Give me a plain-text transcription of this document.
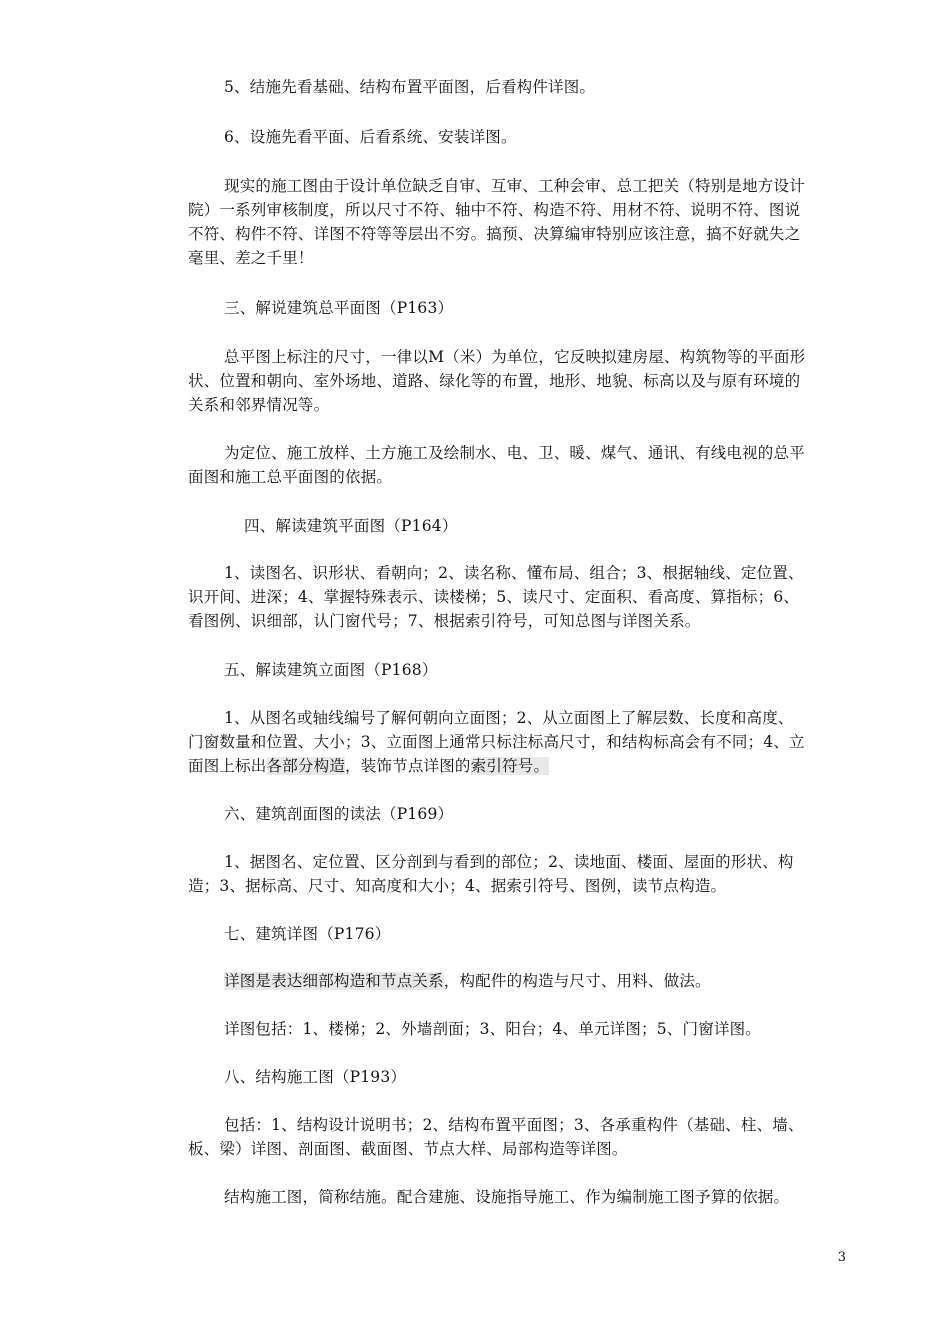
5、结施先看基础、结构布置平面图，后看构件详图。

6、设施先看平面、后看系统、安装详图。

现实的施工图由于设计单位缺乏自审、互审、工种会审、总工把关（特别是地方设计院）一系列审核制度，所以尺寸不符、轴中不符、构造不符、用材不符、说明不符、图说不符、构件不符、详图不符等等层出不穷。搞预、决算编审特别应该注意，搞不好就失之毫里、差之千里！

三、解说建筑总平面图（P163）

总平图上标注的尺寸，一律以M（米）为单位，它反映拟建房屋、构筑物等的平面形状、位置和朝向、室外场地、道路、绿化等的布置，地形、地貌、标高以及与原有环境的关系和邻界情况等。

为定位、施工放样、土方施工及绘制水、电、卫、暖、煤气、通讯、有线电视的总平面图和施工总平面图的依据。

四、解读建筑平面图（P164）

1、读图名、识形状、看朝向；2、读名称、懂布局、组合；3、根据轴线、定位置、识开间、进深；4、掌握特殊表示、读楼梯；5、读尺寸、定面积、看高度、算指标；6、看图例、识细部，认门窗代号；7、根据索引符号，可知总图与详图关系。

五、解读建筑立面图（P168）

1、从图名或轴线编号了解何朝向立面图；2、从立面图上了解层数、长度和高度、门窗数量和位置、大小；3、立面图上通常只标注标高尺寸，和结构标高会有不同；4、立面图上标出各部分构造，装饰节点详图的索引符号。

六、建筑剖面图的读法（P169）

1、据图名、定位置、区分剖到与看到的部位；2、读地面、楼面、屋面的形状、构造；3、据标高、尺寸、知高度和大小；4、据索引符号、图例，读节点构造。

七、建筑详图（P176）

详图是表达细部构造和节点关系，构配件的构造与尺寸、用料、做法。

详图包括：1、楼梯；2、外墙剖面；3、阳台；4、单元详图；5、门窗详图。

八、结构施工图（P193）

包括：1、结构设计说明书；2、结构布置平面图；3、各承重构件（基础、柱、墙、板、梁）详图、剖面图、截面图、节点大样、局部构造等详图。

结构施工图，简称结施。配合建施、设施指导施工、作为编制施工图予算的依据。

3
